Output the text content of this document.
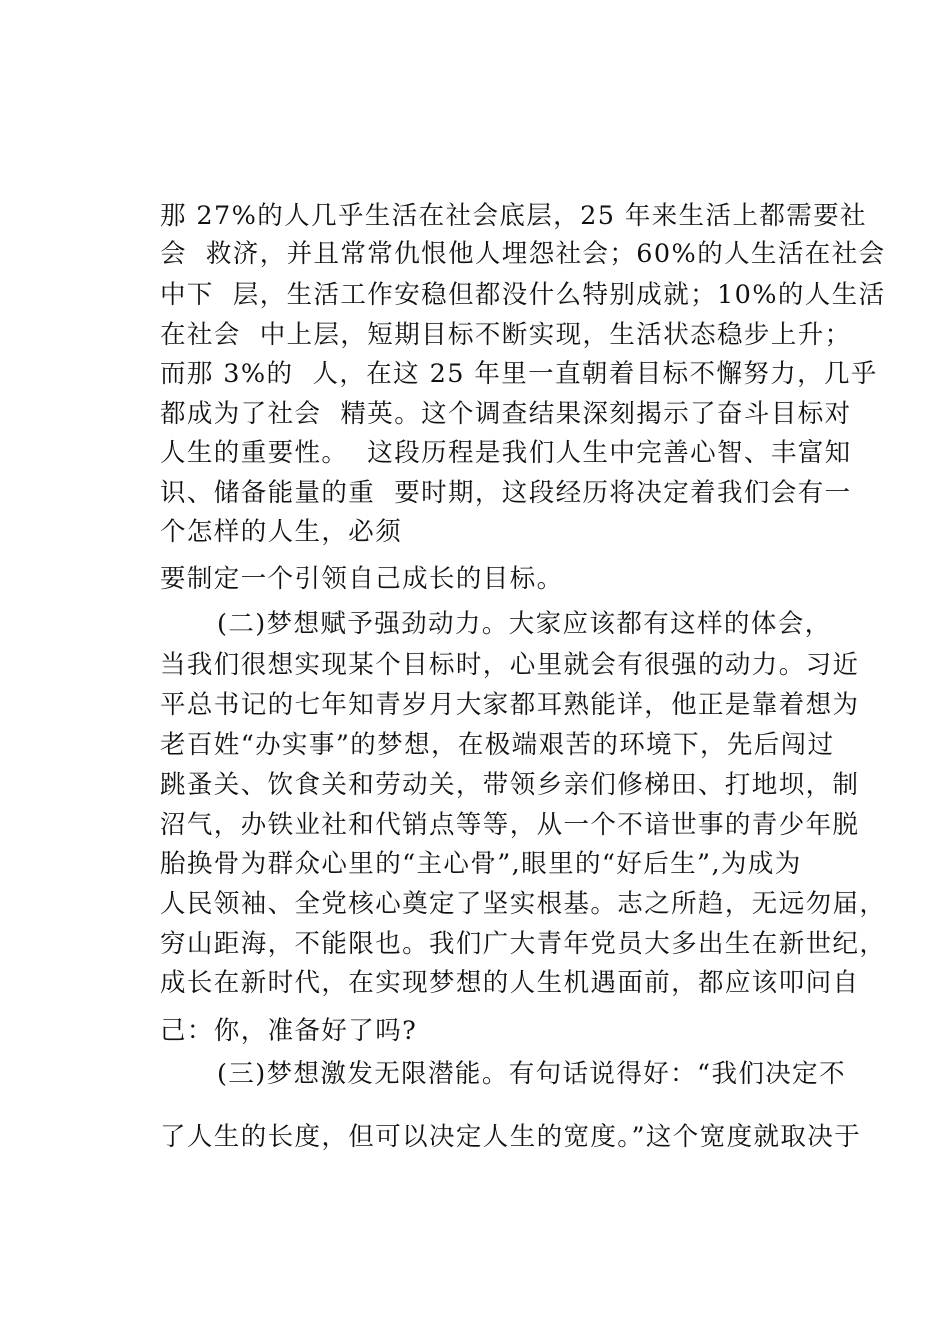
那 27%的人几乎生活在社会底层，25 年来生活上都需要社
会  救济，并且常常仇恨他人埋怨社会；60%的人生活在社会
中下  层，生活工作安稳但都没什么特别成就；10%的人生活
在社会  中上层，短期目标不断实现，生活状态稳步上升；
而那 3%的  人，在这 25 年里一直朝着目标不懈努力，几乎
都成为了社会  精英。这个调查结果深刻揭示了奋斗目标对
人生的重要性。  这段历程是我们人生中完善心智、丰富知
识、储备能量的重  要时期，这段经历将决定着我们会有一
个怎样的人生，必须
要制定一个引领自己成长的目标。
(二)梦想赋予强劲动力。大家应该都有这样的体会，
当我们很想实现某个目标时，心里就会有很强的动力。习近
平总书记的七年知青岁月大家都耳熟能详，他正是靠着想为
老百姓“办实事”的梦想，在极端艰苦的环境下，先后闯过
跳蚤关、饮食关和劳动关，带领乡亲们修梯田、打地坝，制
沼气，办铁业社和代销点等等，从一个不谙世事的青少年脱
胎换骨为群众心里的“主心骨”,眼里的“好后生”,为成为
人民领袖、全党核心奠定了坚实根基。志之所趋，无远勿届，
穷山距海，不能限也。我们广大青年党员大多出生在新世纪，
成长在新时代，在实现梦想的人生机遇面前，都应该叩问自
己：你，准备好了吗?
(三)梦想激发无限潜能。有句话说得好：“我们决定不
了人生的长度，但可以决定人生的宽度。”这个宽度就取决于
